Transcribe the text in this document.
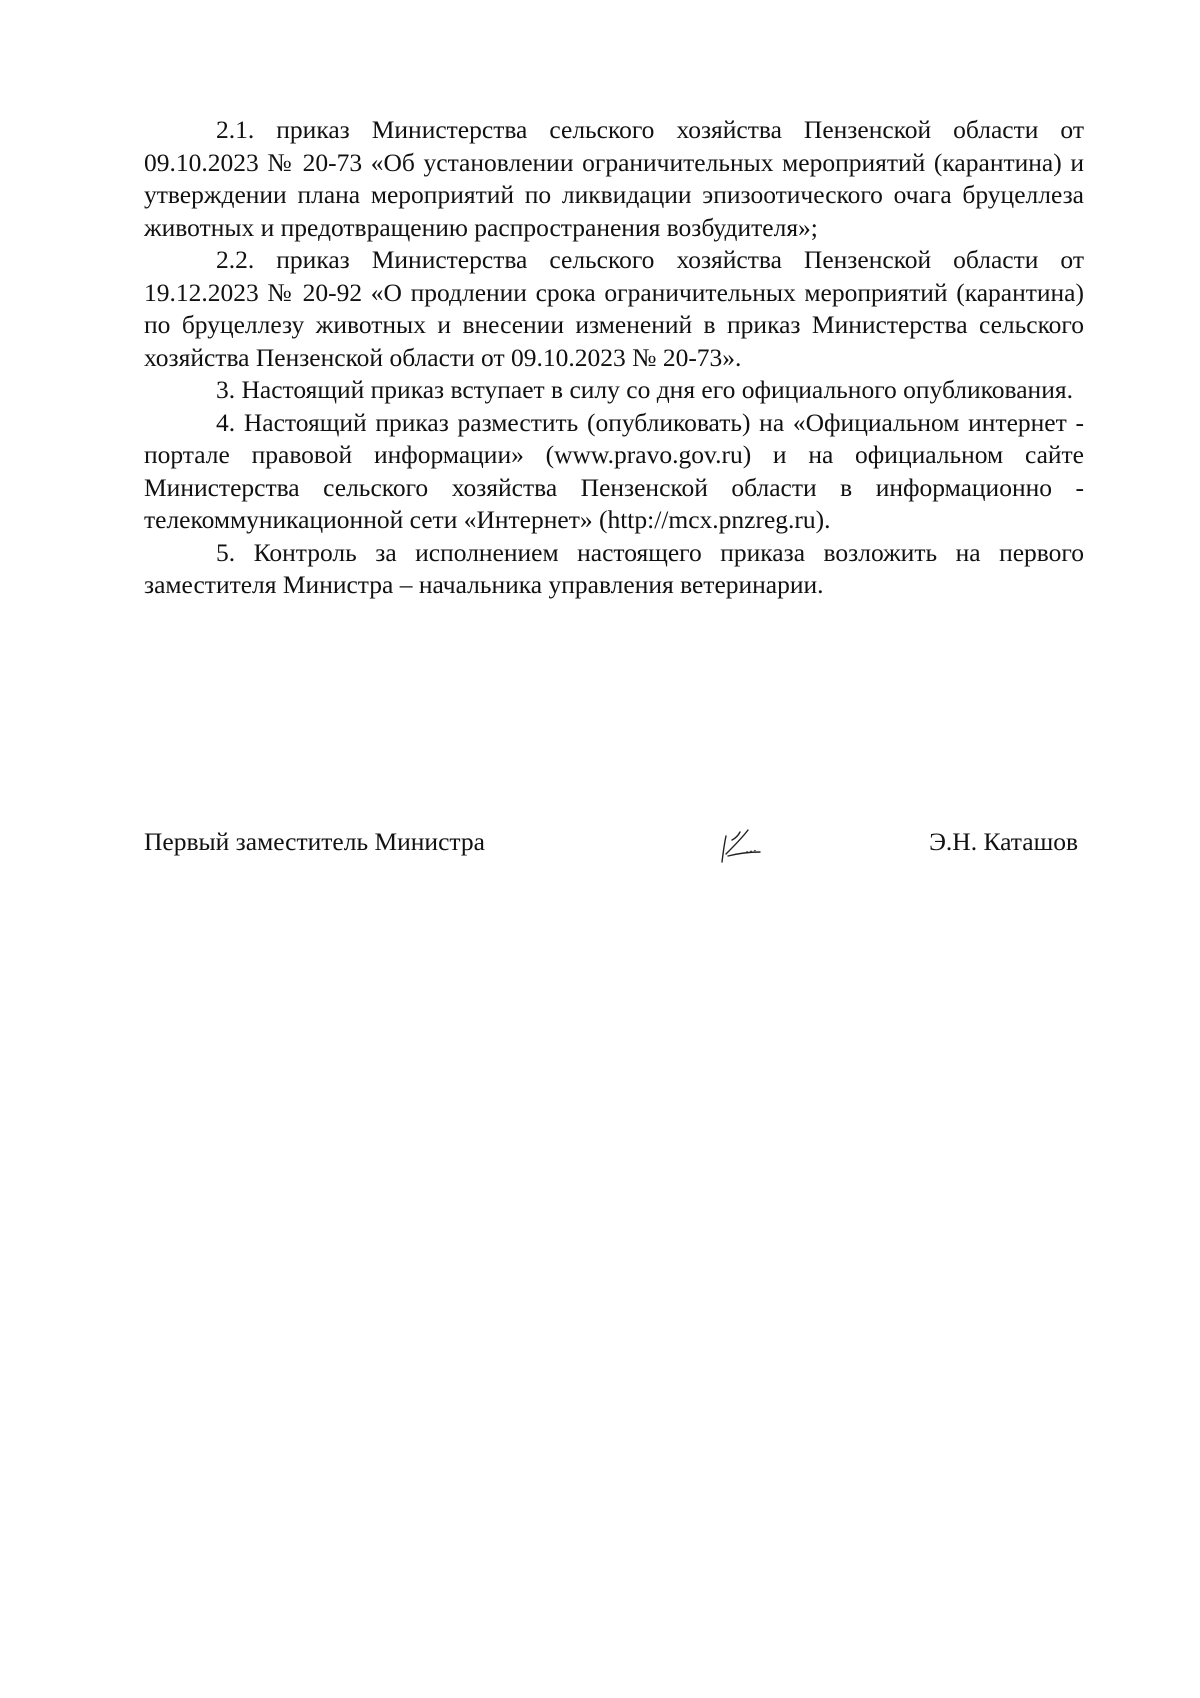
2.1. приказ Министерства сельского хозяйства Пензенской области от 09.10.2023 № 20-73 «Об установлении ограничительных мероприятий (карантина) и утверждении плана мероприятий по ликвидации эпизоотического очага бруцеллеза животных и предотвращению распространения возбудителя»;

2.2. приказ Министерства сельского хозяйства Пензенской области от 19.12.2023 № 20-92 «О продлении срока ограничительных мероприятий (карантина) по бруцеллезу животных и внесении изменений в приказ Министерства сельского хозяйства Пензенской области от 09.10.2023 № 20-73».

3. Настоящий приказ вступает в силу со дня его официального опубликования.

4. Настоящий приказ разместить (опубликовать) на «Официальном интернет - портале правовой информации» (www.pravo.gov.ru) и на официальном сайте Министерства сельского хозяйства Пензенской области в информационно - телекоммуникационной сети «Интернет» (http://mcx.pnzreg.ru).

5. Контроль за исполнением настоящего приказа возложить на первого заместителя Министра – начальника управления ветеринарии.

Первый заместитель Министра	Э.Н. Каташов
